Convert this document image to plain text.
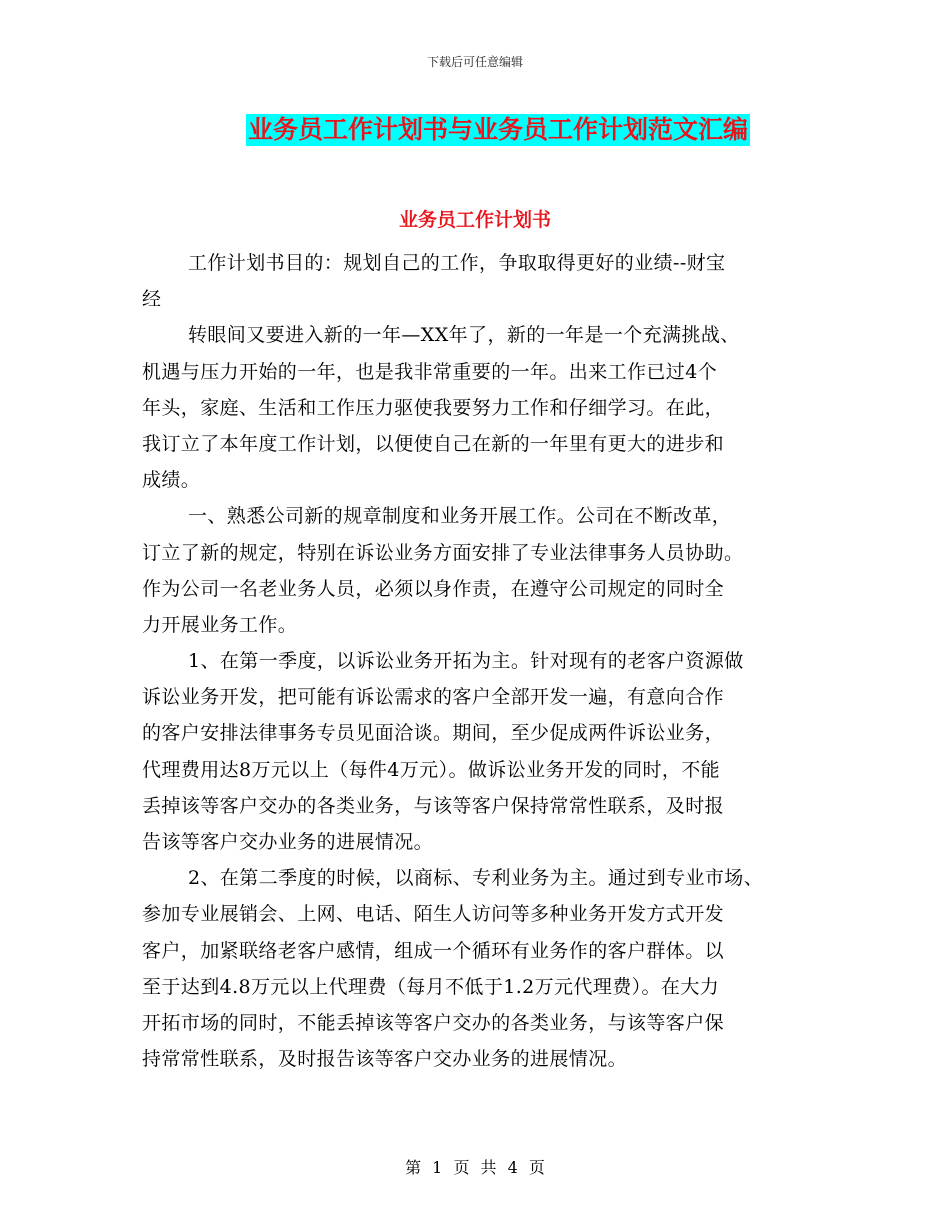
下载后可任意编辑
业务员工作计划书与业务员工作计划范文汇编
业务员工作计划书
工作计划书目的：规划自己的工作，争取取得更好的业绩--财宝
经
转眼间又要进入新的一年—XX年了，新的一年是一个充满挑战、
机遇与压力开始的一年，也是我非常重要的一年。出来工作已过4个
年头，家庭、生活和工作压力驱使我要努力工作和仔细学习。在此，
我订立了本年度工作计划，以便使自己在新的一年里有更大的进步和
成绩。
一、熟悉公司新的规章制度和业务开展工作。公司在不断改革，
订立了新的规定，特别在诉讼业务方面安排了专业法律事务人员协助。
作为公司一名老业务人员，必须以身作责，在遵守公司规定的同时全
力开展业务工作。
1、在第一季度，以诉讼业务开拓为主。针对现有的老客户资源做
诉讼业务开发，把可能有诉讼需求的客户全部开发一遍，有意向合作
的客户安排法律事务专员见面洽谈。期间，至少促成两件诉讼业务，
代理费用达8万元以上（每件4万元）。做诉讼业务开发的同时，不能
丢掉该等客户交办的各类业务，与该等客户保持常常性联系，及时报
告该等客户交办业务的进展情况。
2、在第二季度的时候，以商标、专利业务为主。通过到专业市场、
参加专业展销会、上网、电话、陌生人访问等多种业务开发方式开发
客户，加紧联络老客户感情，组成一个循环有业务作的客户群体。以
至于达到4.8万元以上代理费（每月不低于1.2万元代理费）。在大力
开拓市场的同时，不能丢掉该等客户交办的各类业务，与该等客户保
持常常性联系，及时报告该等客户交办业务的进展情况。
第 1 页 共 4 页
